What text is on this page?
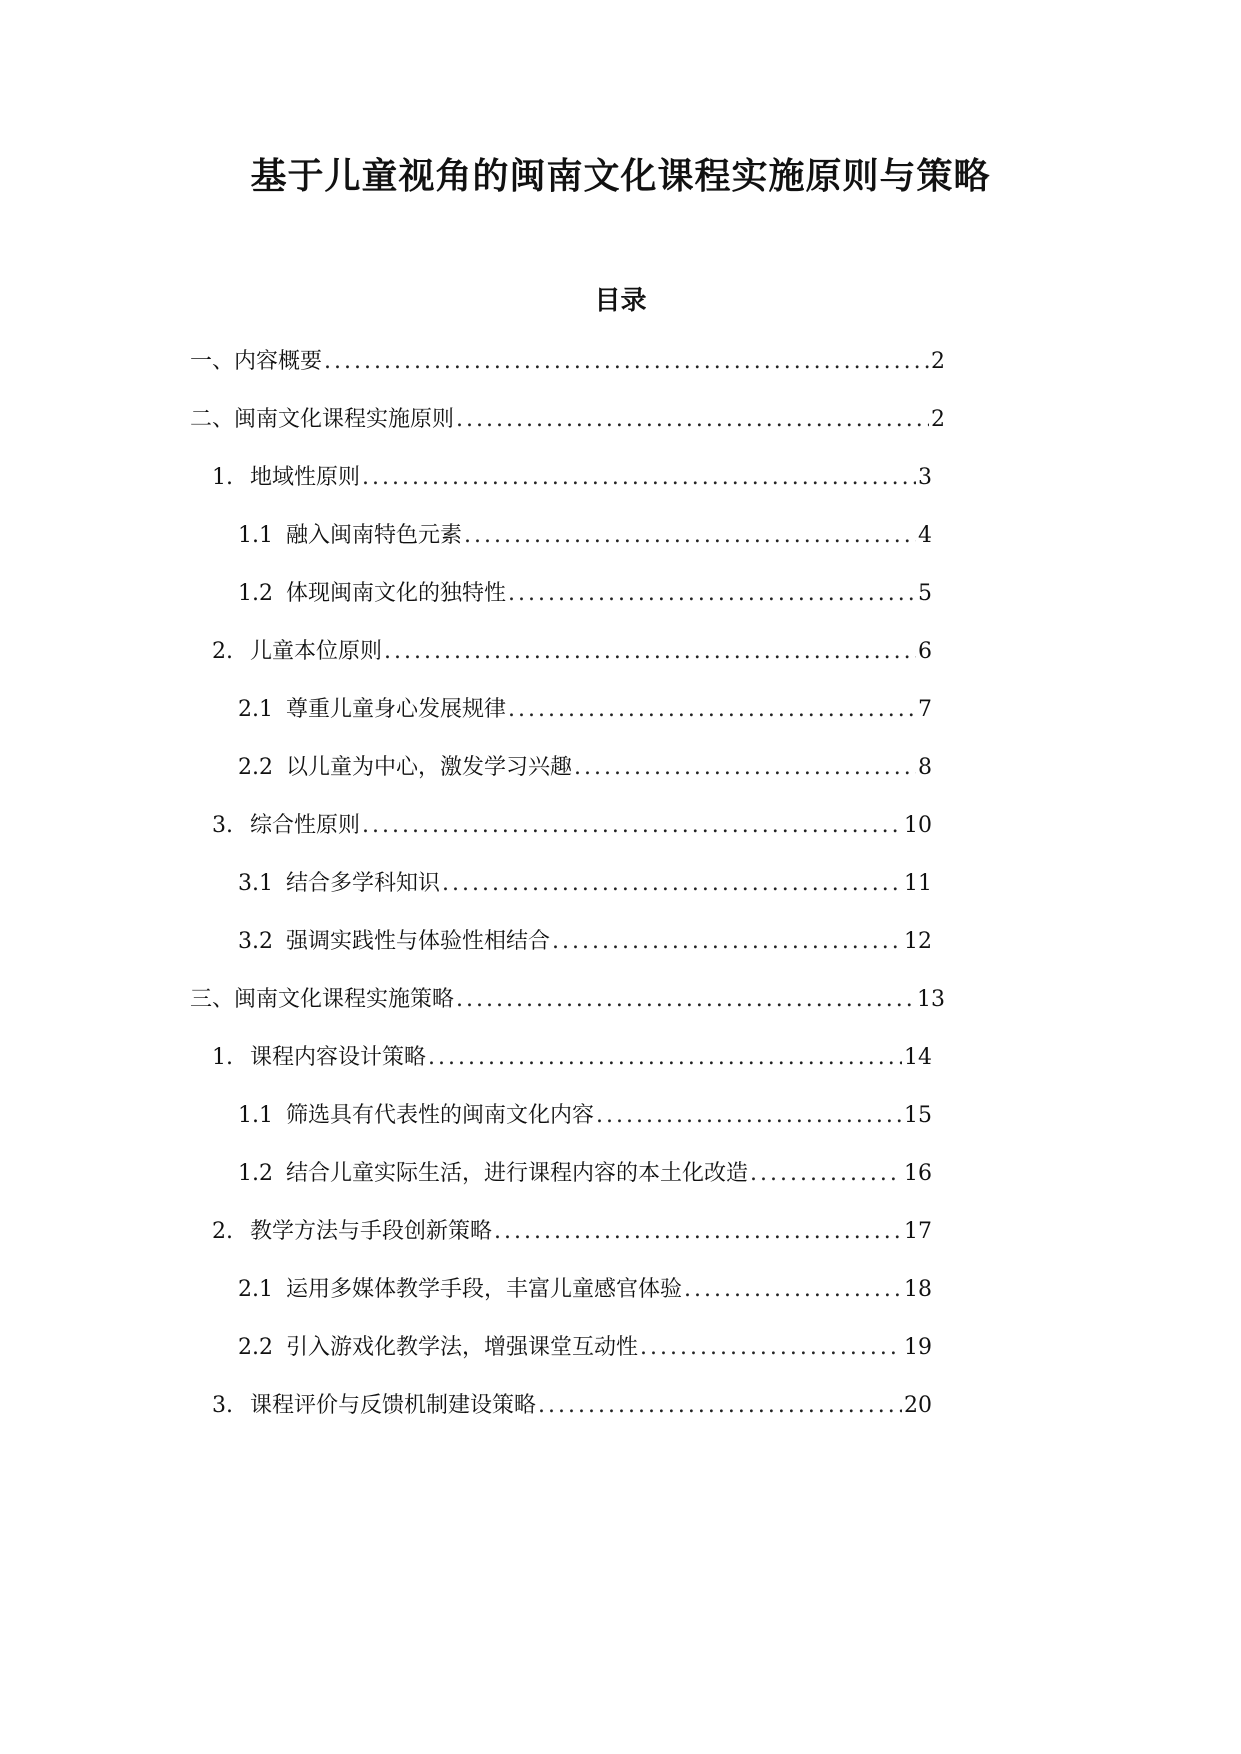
基于儿童视角的闽南文化课程实施原则与策略
目录
一、内容概要 .....	2
二、闽南文化课程实施原则 .....	2
1. 地域性原则 .....	3
1.1 融入闽南特色元素 .....	4
1.2 体现闽南文化的独特性 .....	5
2. 儿童本位原则 .....	6
2.1 尊重儿童身心发展规律 .....	7
2.2 以儿童为中心，激发学习兴趣 .....	8
3. 综合性原则 .....	10
3.1 结合多学科知识 .....	11
3.2 强调实践性与体验性相结合 .....	12
三、闽南文化课程实施策略 .....	13
1. 课程内容设计策略 .....	14
1.1 筛选具有代表性的闽南文化内容 .....	15
1.2 结合儿童实际生活，进行课程内容的本土化改造 .....	16
2. 教学方法与手段创新策略 .....	17
2.1 运用多媒体教学手段，丰富儿童感官体验 .....	18
2.2 引入游戏化教学法，增强课堂互动性 .....	19
3. 课程评价与反馈机制建设策略 .....	20
